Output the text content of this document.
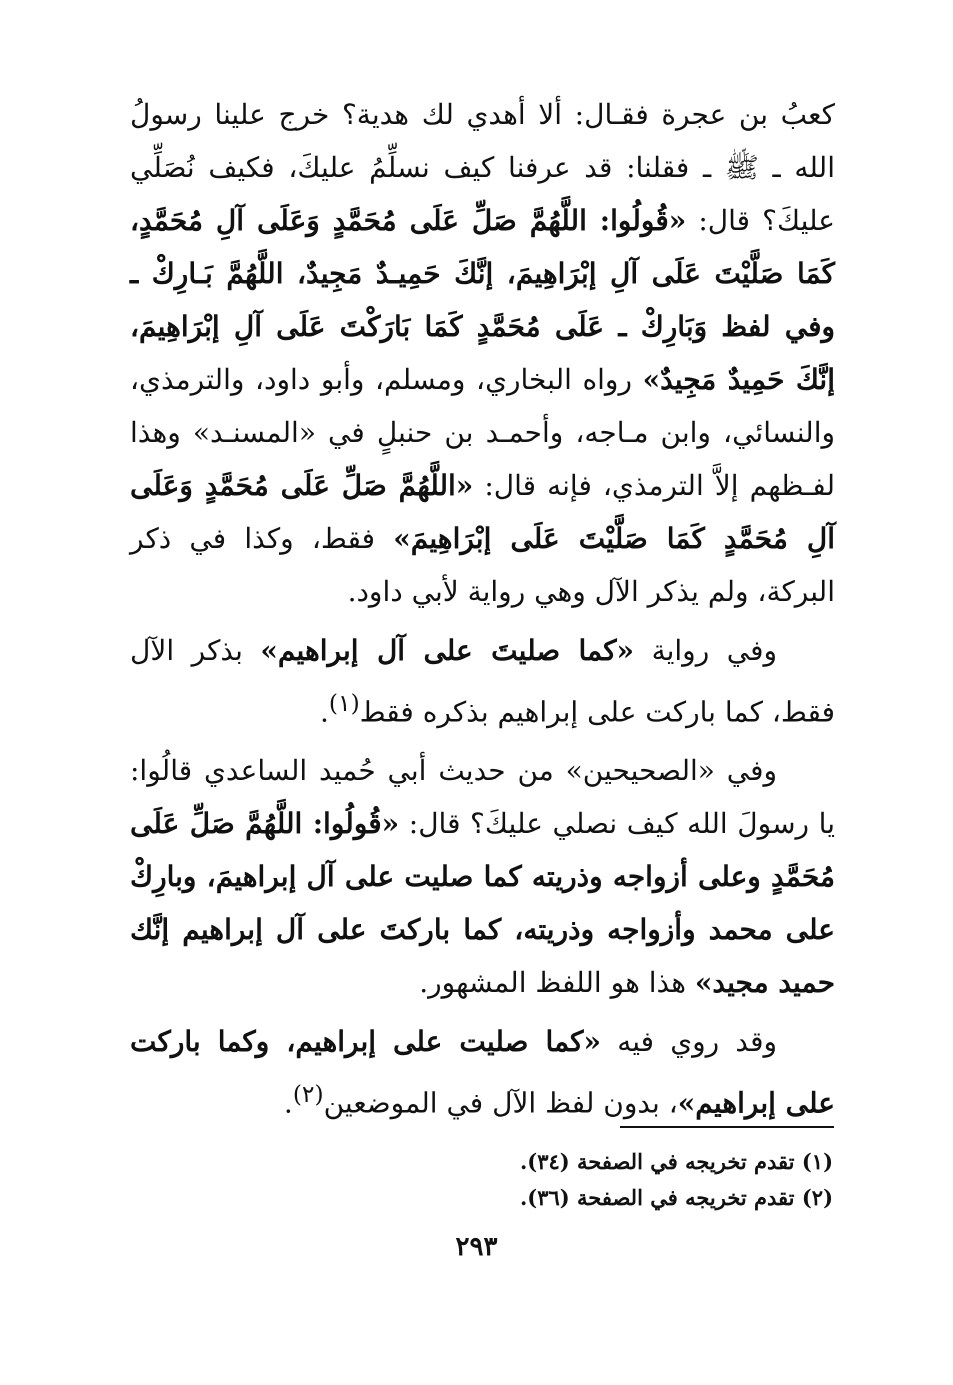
كعبُ بن عجرة فقـال: ألا أهدي لك هدية؟ خرج علينا رسولُ الله ـ ﷺ ـ فقلنا: قد عرفنا كيف نسلِّمُ عليكَ، فكيف نُصَلِّي عليكَ؟ قال: «قُولُوا: اللَّهُمَّ صَلِّ عَلَى مُحَمَّدٍ وَعَلَى آلِ مُحَمَّدٍ، كَمَا صَلَّيْتَ عَلَى آلِ إبْرَاهِيمَ، إنَّكَ حَمِيـدٌ مَجِيدٌ، اللَّهُمَّ بَـارِكْ ـ وفي لفظ وَبَارِكْ ـ عَلَى مُحَمَّدٍ كَمَا بَارَكْتَ عَلَى آلِ إبْرَاهِيمَ، إنَّكَ حَمِيدٌ مَجِيدٌ» رواه البخاري، ومسلم، وأبو داود، والترمذي، والنسائي، وابن مـاجه، وأحمـد بن حنبلٍ في «المسنـد» وهذا لفـظهم إلاَّ الترمذي، فإنه قال: «اللَّهُمَّ صَلِّ عَلَى مُحَمَّدٍ وَعَلَى آلِ مُحَمَّدٍ كَمَا صَلَّيْتَ عَلَى إبْرَاهِيمَ» فقط، وكذا في ذكر البركة، ولم يذكر الآل وهي رواية لأبي داود.

وفي رواية «كما صليتَ على آل إبراهيم» بذكر الآل فقط، كما باركت على إبراهيم بذكره فقط$^{(١)}$.

وفي «الصحيحين» من حديث أبي حُميد الساعدي قالُوا: يا رسولَ الله كيف نصلي عليكَ؟ قال: «قُولُوا: اللَّهُمَّ صَلِّ عَلَى مُحَمَّدٍ وعلى أزواجه وذريته كما صليت على آل إبراهيمَ، وبارِكْ على محمد وأزواجه وذريته، كما باركتَ على آل إبراهيم إنَّك حميد مجيد» هذا هو اللفظ المشهور.

وقد روي فيه «كما صليت على إبراهيم، وكما باركت على إبراهيم»، بدون لفظ الآل في الموضعين$^{(٢)}$.

(١) تقدم تخريجه في الصفحة (٣٤).
(٢) تقدم تخريجه في الصفحة (٣٦).
٢٩٣
